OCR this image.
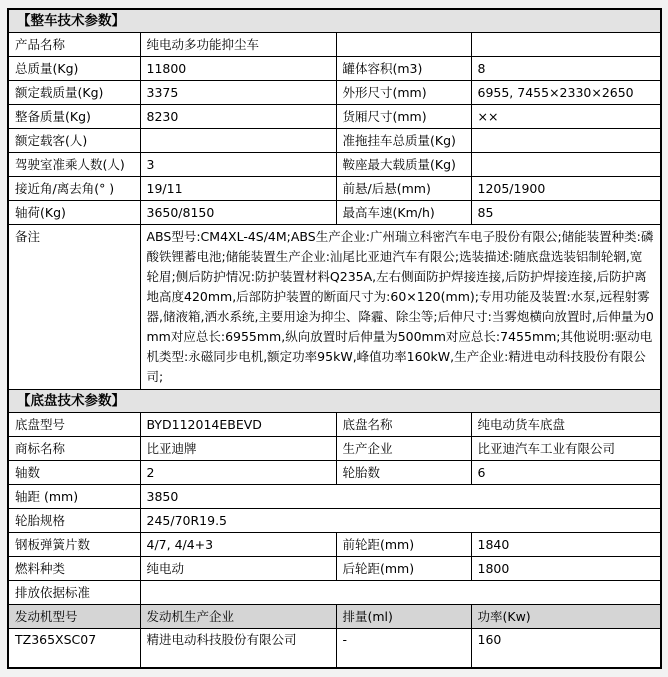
【整车技术参数】			
产品名称	纯电动多功能抑尘车		
总质量(Kg)	11800	罐体容积(m3)	8
额定载质量(Kg)	3375	外形尺寸(mm)	6955, 7455×2330×2650
整备质量(Kg)	8230	货厢尺寸(mm)	××
额定载客(人)		准拖挂车总质量(Kg)	
驾驶室准乘人数(人)	3	鞍座最大载质量(Kg)	
接近角/离去角(° )	19/11	前悬/后悬(mm)	1205/1900
轴荷(Kg)	3650/8150	最高车速(Km/h)	85
备注	ABS型号:CM4XL-4S/4M;ABS生产企业:广州瑞立科密汽车电子股份有限公;储能装置种类:磷酸铁锂蓄电池;储能装置生产企业:汕尾比亚迪汽车有限公;选装描述:随底盘选装铝制轮辋,宽轮眉;侧后防护情况:防护装置材料Q235A,左右侧面防护焊接连接,后防护焊接连接,后防护离地高度420mm,后部防护装置的断面尺寸为:60×120(mm);专用功能及装置:水泵,远程射雾器,储液箱,洒水系统,主要用途为抑尘、降霾、除尘等;后伸尺寸:当雾炮横向放置时,后伸量为0mm对应总长:6955mm,纵向放置时后伸量为500mm对应总长:7455mm;其他说明:驱动电机类型:永磁同步电机,额定功率95kW,峰值功率160kW,生产企业:精进电动科技股份有限公司;		
【底盘技术参数】			
底盘型号	BYD112014EBEVD	底盘名称	纯电动货车底盘
商标名称	比亚迪牌	生产企业	比亚迪汽车工业有限公司
轴数	2	轮胎数	6
轴距 (mm)	3850		
轮胎规格	245/70R19.5		
钢板弹簧片数	4/7, 4/4+3	前轮距(mm)	1840
燃料种类	纯电动	后轮距(mm)	1800
排放依据标准			
发动机型号	发动机生产企业	排量(ml)	功率(Kw)
TZ365XSC07	精进电动科技股份有限公司	-	160
